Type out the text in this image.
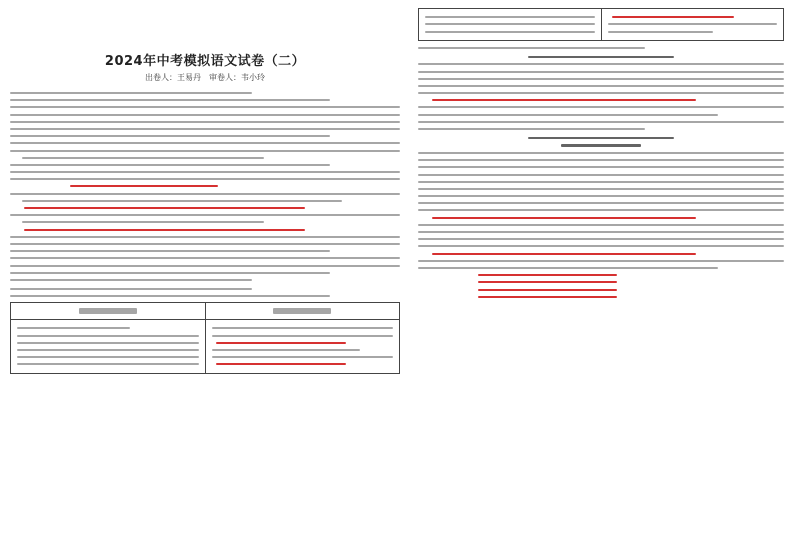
2024年中考模拟语文试卷（二）
出卷人：王易丹　审卷人：韦小玲
